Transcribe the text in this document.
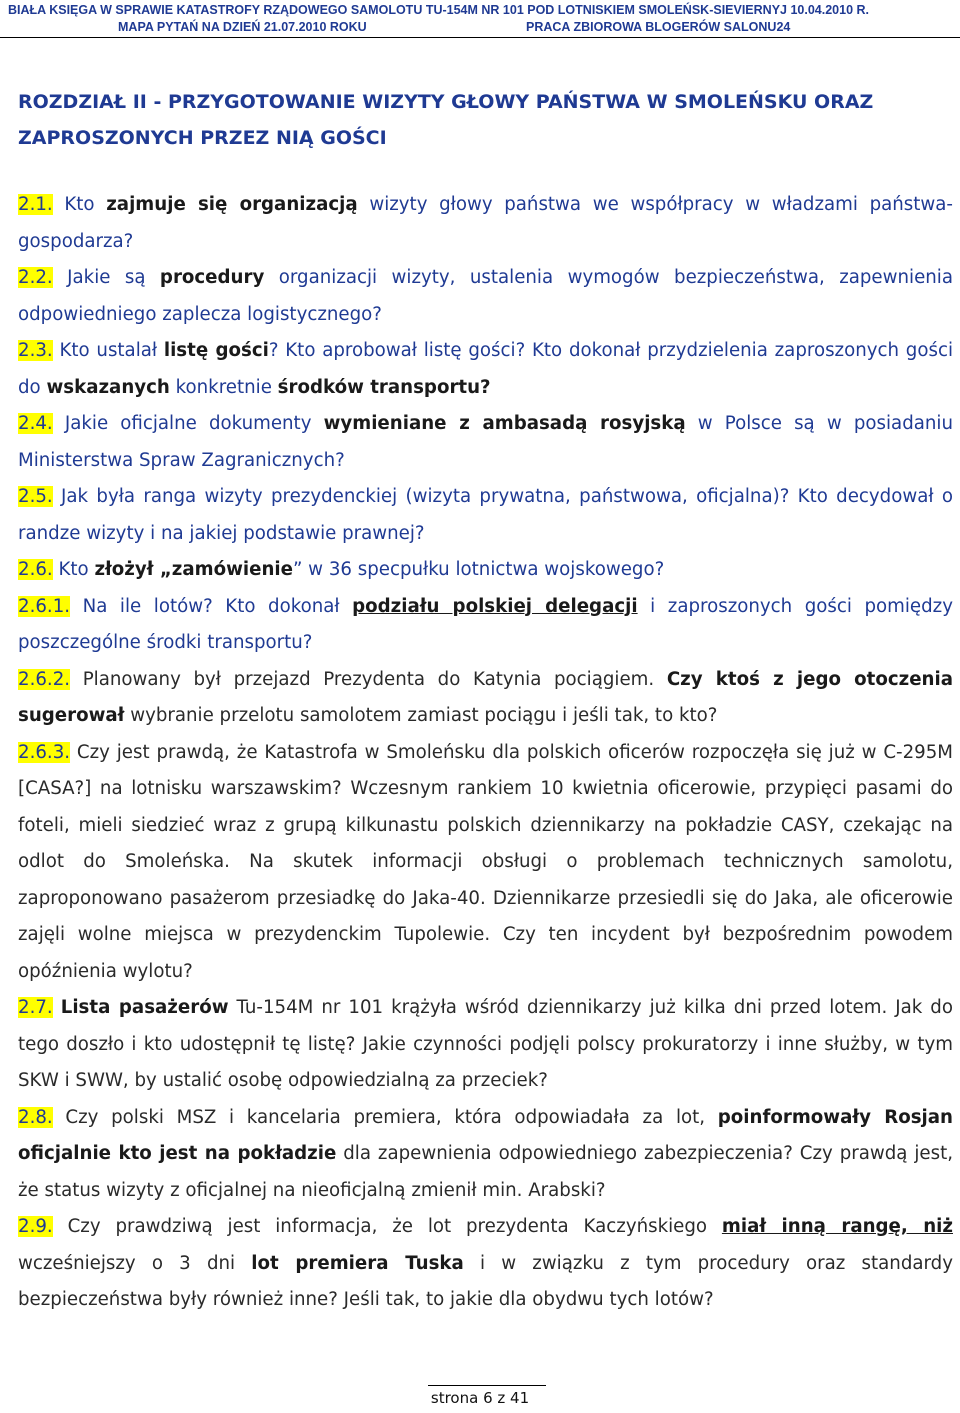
BIAŁA KSIĘGA W SPRAWIE KATASTROFY RZĄDOWEGO SAMOLOTU TU-154M NR 101 POD LOTNISKIEM SMOLEŃSK-SIEVIERNYJ 10.04.2010 R.
MAPA PYTAŃ NA DZIEŃ 21.07.2010 ROKU	PRACA ZBIOROWA BLOGERÓW SALONU24
ROZDZIAŁ II - PRZYGOTOWANIE WIZYTY GŁOWY PAŃSTWA W SMOLEŃSKU ORAZ ZAPROSZONYCH PRZEZ NIĄ GOŚCI

2.1. Kto zajmuje się organizacją wizyty głowy państwa we współpracy w władzami państwa-gospodarza?

2.2. Jakie są procedury organizacji wizyty, ustalenia wymogów bezpieczeństwa, zapewnienia odpowiedniego zaplecza logistycznego?

2.3. Kto ustalał listę gości? Kto aprobował listę gości? Kto dokonał przydzielenia zaproszonych gości do wskazanych konkretnie środków transportu?

2.4. Jakie oficjalne dokumenty wymieniane z ambasadą rosyjską w Polsce są w posiadaniu Ministerstwa Spraw Zagranicznych?

2.5. Jak była ranga wizyty prezydenckiej (wizyta prywatna, państwowa, oficjalna)? Kto decydował o randze wizyty i na jakiej podstawie prawnej?

2.6. Kto złożył „zamówienie” w 36 specpułku lotnictwa wojskowego?

2.6.1. Na ile lotów? Kto dokonał podziału polskiej delegacji i zaproszonych gości pomiędzy poszczególne środki transportu?

2.6.2. Planowany był przejazd Prezydenta do Katynia pociągiem. Czy ktoś z jego otoczenia sugerował wybranie przelotu samolotem zamiast pociągu i jeśli tak, to kto?

2.6.3. Czy jest prawdą, że Katastrofa w Smoleńsku dla polskich oficerów rozpoczęła się już w C-295M [CASA?] na lotnisku warszawskim? Wczesnym rankiem 10 kwietnia oficerowie, przypięci pasami do foteli, mieli siedzieć wraz z grupą kilkunastu polskich dziennikarzy na pokładzie CASY, czekając na odlot do Smoleńska. Na skutek informacji obsługi o problemach technicznych samolotu, zaproponowano pasażerom przesiadkę do Jaka-40. Dziennikarze przesiedli się do Jaka, ale oficerowie zajęli wolne miejsca w prezydenckim Tupolewie. Czy ten incydent był bezpośrednim powodem opóźnienia wylotu?

2.7. Lista pasażerów Tu-154M nr 101 krążyła wśród dziennikarzy już kilka dni przed lotem. Jak do tego doszło i kto udostępnił tę listę? Jakie czynności podjęli polscy prokuratorzy i inne służby, w tym SKW i SWW, by ustalić osobę odpowiedzialną za przeciek?

2.8. Czy polski MSZ i kancelaria premiera, która odpowiadała za lot, poinformowały Rosjan oficjalnie kto jest na pokładzie dla zapewnienia odpowiedniego zabezpieczenia? Czy prawdą jest, że status wizyty z oficjalnej na nieoficjalną zmienił min. Arabski?

2.9. Czy prawdziwą jest informacja, że lot prezydenta Kaczyńskiego miał inną rangę, niż wcześniejszy o 3 dni lot premiera Tuska i w związku z tym procedury oraz standardy bezpieczeństwa były również inne? Jeśli tak, to jakie dla obydwu tych lotów?

strona 6 z 41
